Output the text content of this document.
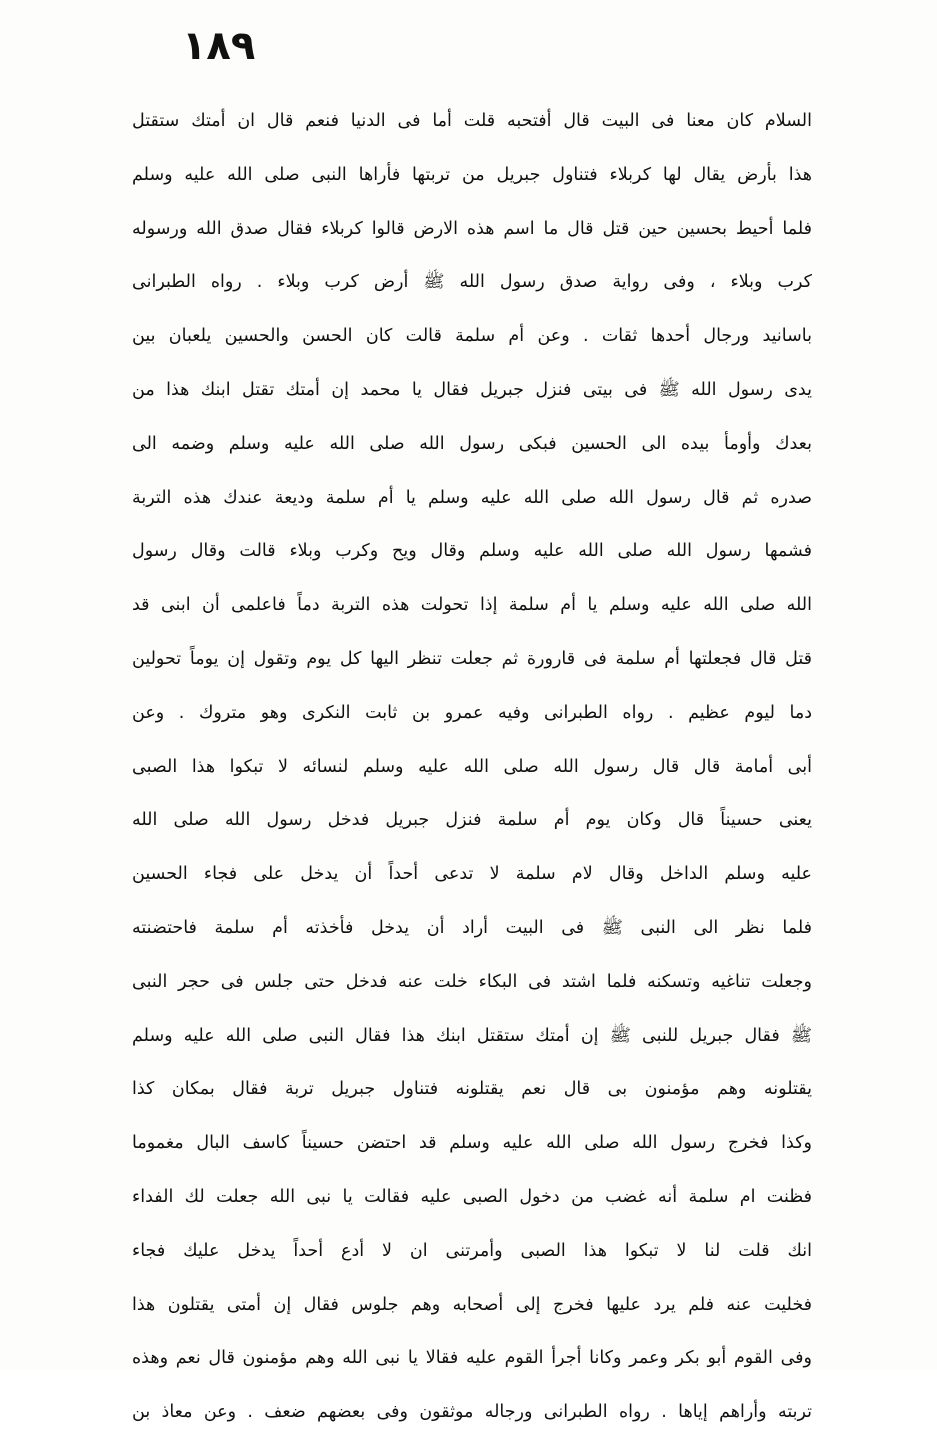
١٨٩
السلام كان معنا فى البيت قال أفتحبه قلت أما فى الدنيا فنعم قال ان أمتك ستقتل
هذا بأرض يقال لها كربلاء فتناول جبريل من تربتها فأراها النبى صلى الله عليه وسلم
فلما أحيط بحسين حين قتل قال ما اسم هذه الارض قالوا كربلاء فقال صدق الله ورسوله
كرب وبلاء ، وفى رواية صدق رسول الله ﷺ أرض كرب وبلاء . رواه الطبرانى
باسانيد ورجال أحدها ثقات . وعن أم سلمة قالت كان الحسن والحسين يلعبان بين
يدى رسول الله ﷺ فى بيتى فنزل جبريل فقال يا محمد إن أمتك تقتل ابنك هذا من
بعدك وأومأ بيده الى الحسين فبكى رسول الله صلى الله عليه وسلم وضمه الى
صدره ثم قال رسول الله صلى الله عليه وسلم يا أم سلمة وديعة عندك هذه التربة
فشمها رسول الله صلى الله عليه وسلم وقال ويح وكرب وبلاء قالت وقال رسول
الله صلى الله عليه وسلم يا أم سلمة إذا تحولت هذه التربة دماً فاعلمى أن ابنى قد
قتل قال فجعلتها أم سلمة فى قارورة ثم جعلت تنظر اليها كل يوم وتقول إن يوماً تحولين
دما ليوم عظيم . رواه الطبرانى وفيه عمرو بن ثابت النكرى وهو متروك . وعن
أبى أمامة قال قال رسول الله صلى الله عليه وسلم لنسائه لا تبكوا هذا الصبى
يعنى حسيناً قال وكان يوم أم سلمة فنزل جبريل فدخل رسول الله صلى الله
عليه وسلم الداخل وقال لام سلمة لا تدعى أحداً أن يدخل على فجاء الحسين
فلما نظر الى النبى ﷺ فى البيت أراد أن يدخل فأخذته أم سلمة فاحتضنته
وجعلت تناغيه وتسكنه فلما اشتد فى البكاء خلت عنه فدخل حتى جلس فى حجر النبى
ﷺ فقال جبريل للنبى ﷺ إن أمتك ستقتل ابنك هذا فقال النبى صلى الله عليه وسلم
يقتلونه وهم مؤمنون بى قال نعم يقتلونه فتناول جبريل تربة فقال بمكان كذا
وكذا فخرج رسول الله صلى الله عليه وسلم قد احتضن حسيناً كاسف البال مغموما
فظنت ام سلمة أنه غضب من دخول الصبى عليه فقالت يا نبى الله جعلت لك الفداء
انك قلت لنا لا تبكوا هذا الصبى وأمرتنى ان لا أدع أحداً يدخل عليك فجاء
فخليت عنه فلم يرد عليها فخرج إلى أصحابه وهم جلوس فقال إن أمتى يقتلون هذا
وفى القوم أبو بكر وعمر وكانا أجرأ القوم عليه فقالا يا نبى الله وهم مؤمنون قال نعم وهذه
تربته وأراهم إياها . رواه الطبرانى ورجاله موثقون وفى بعضهم ضعف . وعن معاذ بن
